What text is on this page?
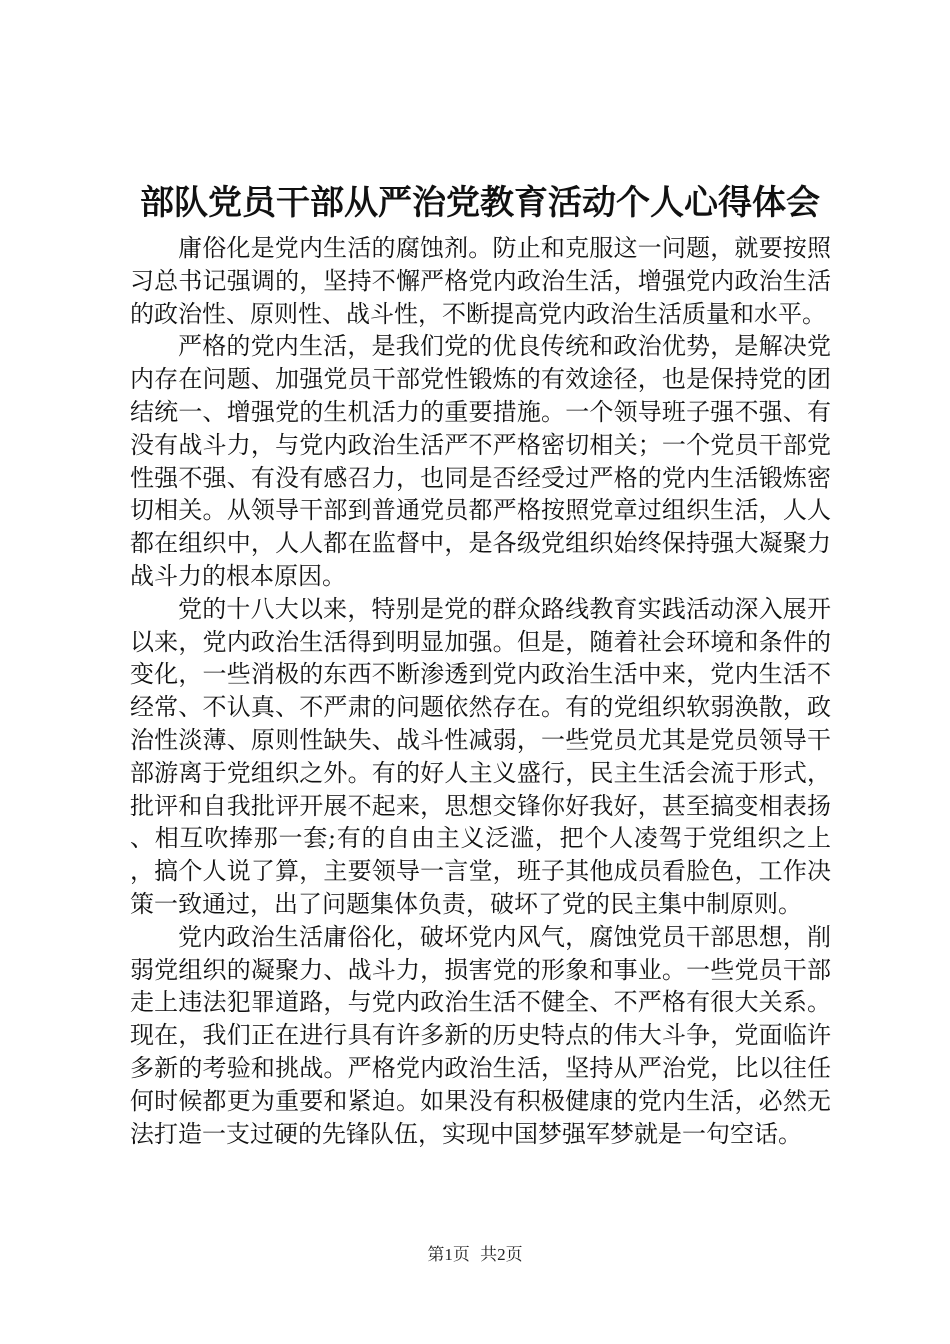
部队党员干部从严治党教育活动个人心得体会

庸俗化是党内生活的腐蚀剂。防止和克服这一问题，就要按照习总书记强调的，坚持不懈严格党内政治生活，增强党内政治生活的政治性、原则性、战斗性，不断提高党内政治生活质量和水平。

严格的党内生活，是我们党的优良传统和政治优势，是解决党内存在问题、加强党员干部党性锻炼的有效途径，也是保持党的团结统一、增强党的生机活力的重要措施。一个领导班子强不强、有没有战斗力，与党内政治生活严不严格密切相关；一个党员干部党性强不强、有没有感召力，也同是否经受过严格的党内生活锻炼密切相关。从领导干部到普通党员都严格按照党章过组织生活，人人都在组织中，人人都在监督中，是各级党组织始终保持强大凝聚力战斗力的根本原因。

党的十八大以来，特别是党的群众路线教育实践活动深入展开以来，党内政治生活得到明显加强。但是，随着社会环境和条件的变化，一些消极的东西不断渗透到党内政治生活中来，党内生活不经常、不认真、不严肃的问题依然存在。有的党组织软弱涣散，政治性淡薄、原则性缺失、战斗性减弱，一些党员尤其是党员领导干部游离于党组织之外。有的好人主义盛行，民主生活会流于形式，批评和自我批评开展不起来，思想交锋你好我好，甚至搞变相表扬、相互吹捧那一套;有的自由主义泛滥，把个人凌驾于党组织之上，搞个人说了算，主要领导一言堂，班子其他成员看脸色，工作决策一致通过，出了问题集体负责，破坏了党的民主集中制原则。

党内政治生活庸俗化，破坏党内风气，腐蚀党员干部思想，削弱党组织的凝聚力、战斗力，损害党的形象和事业。一些党员干部走上违法犯罪道路，与党内政治生活不健全、不严格有很大关系。现在，我们正在进行具有许多新的历史特点的伟大斗争，党面临许多新的考验和挑战。严格党内政治生活，坚持从严治党，比以往任何时候都更为重要和紧迫。如果没有积极健康的党内生活，必然无法打造一支过硬的先锋队伍，实现中国梦强军梦就是一句空话。

第1页 共2页
